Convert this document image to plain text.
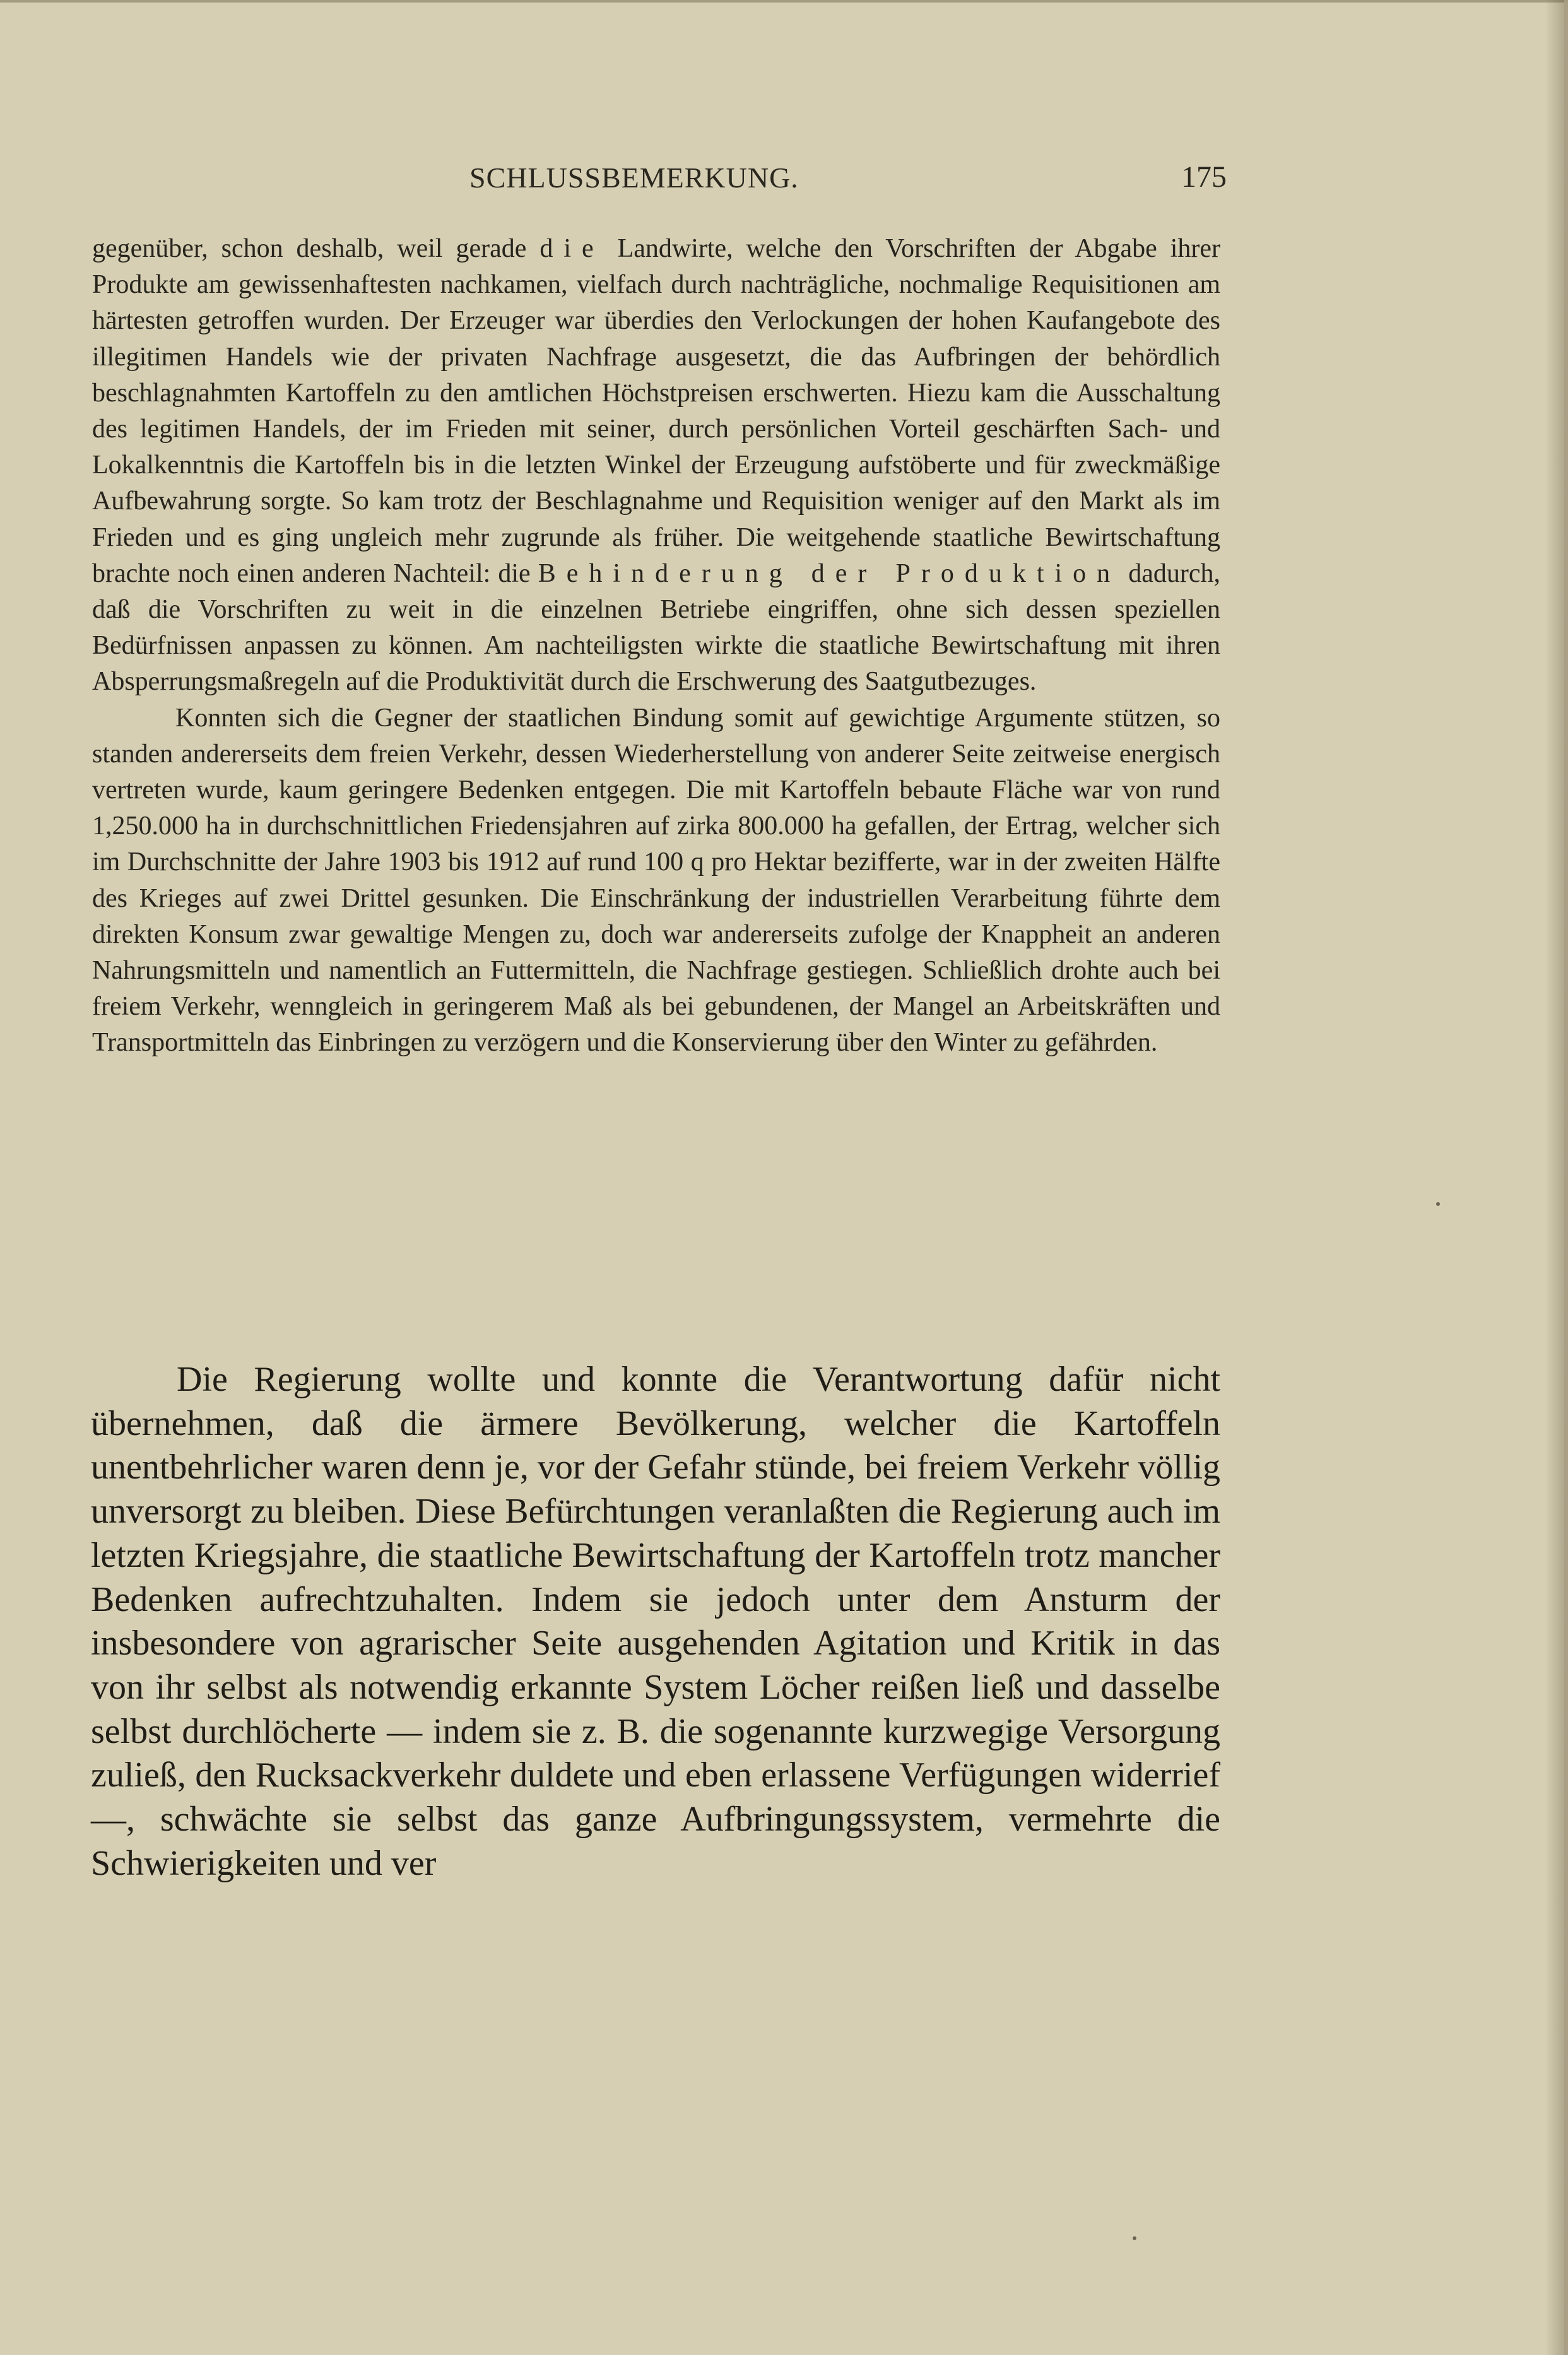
SCHLUSSBEMERKUNG.	175

gegenüber, schon deshalb, weil gerade die Landwirte, welche den Vorschriften der Abgabe ihrer Produkte am gewissenhaftesten nachkamen, vielfach durch nachträgliche, nochmalige Requisitionen am härtesten getroffen wurden. Der Erzeuger war überdies den Verlockungen der hohen Kaufangebote des illegitimen Handels wie der privaten Nachfrage ausgesetzt, die das Aufbringen der behördlich beschlagnahmten Kartoffeln zu den amtlichen Höchstpreisen erschwerten. Hiezu kam die Ausschaltung des legitimen Handels, der im Frieden mit seiner, durch persönlichen Vorteil geschärften Sach- und Lokalkenntnis die Kartoffeln bis in die letzten Winkel der Erzeugung aufstöberte und für zweckmäßige Aufbewahrung sorgte. So kam trotz der Beschlagnahme und Requisition weniger auf den Markt als im Frieden und es ging ungleich mehr zugrunde als früher. Die weitgehende staatliche Bewirtschaftung brachte noch einen anderen Nachteil: die Behinderung der Produktion dadurch, daß die Vorschriften zu weit in die einzelnen Betriebe eingriffen, ohne sich dessen speziellen Bedürfnissen anpassen zu können. Am nachteiligsten wirkte die staatliche Bewirtschaftung mit ihren Absperrungsmaßregeln auf die Produktivität durch die Erschwerung des Saatgutbezuges.

Konnten sich die Gegner der staatlichen Bindung somit auf gewichtige Argumente stützen, so standen andererseits dem freien Verkehr, dessen Wiederherstellung von anderer Seite zeitweise energisch vertreten wurde, kaum geringere Bedenken entgegen. Die mit Kartoffeln bebaute Fläche war von rund 1,250.000 ha in durchschnittlichen Friedensjahren auf zirka 800.000 ha gefallen, der Ertrag, welcher sich im Durchschnitte der Jahre 1903 bis 1912 auf rund 100 q pro Hektar bezifferte, war in der zweiten Hälfte des Krieges auf zwei Drittel gesunken. Die Einschränkung der industriellen Verarbeitung führte dem direkten Konsum zwar gewaltige Mengen zu, doch war andererseits zufolge der Knappheit an anderen Nahrungsmitteln und namentlich an Futtermitteln, die Nachfrage gestiegen. Schließlich drohte auch bei freiem Verkehr, wenngleich in geringerem Maß als bei gebundenen, der Mangel an Arbeitskräften und Transportmitteln das Einbringen zu verzögern und die Konservierung über den Winter zu gefährden.

Die Regierung wollte und konnte die Verantwortung dafür nicht übernehmen, daß die ärmere Bevölkerung, welcher die Kartoffeln unentbehrlicher waren denn je, vor der Gefahr stünde, bei freiem Verkehr völlig unversorgt zu bleiben. Diese Befürchtungen veranlaßten die Regierung auch im letzten Kriegsjahre, die staatliche Bewirtschaftung der Kartoffeln trotz mancher Bedenken aufrechtzuhalten. Indem sie jedoch unter dem Ansturm der insbesondere von agrarischer Seite ausgehenden Agitation und Kritik in das von ihr selbst als notwendig erkannte System Löcher reißen ließ und dasselbe selbst durchlöcherte — indem sie z. B. die sogenannte kurzwegige Versorgung zuließ, den Rucksackverkehr duldete und eben erlassene Verfügungen widerrief —, schwächte sie selbst das ganze Aufbringungssystem, vermehrte die Schwierigkeiten und ver
